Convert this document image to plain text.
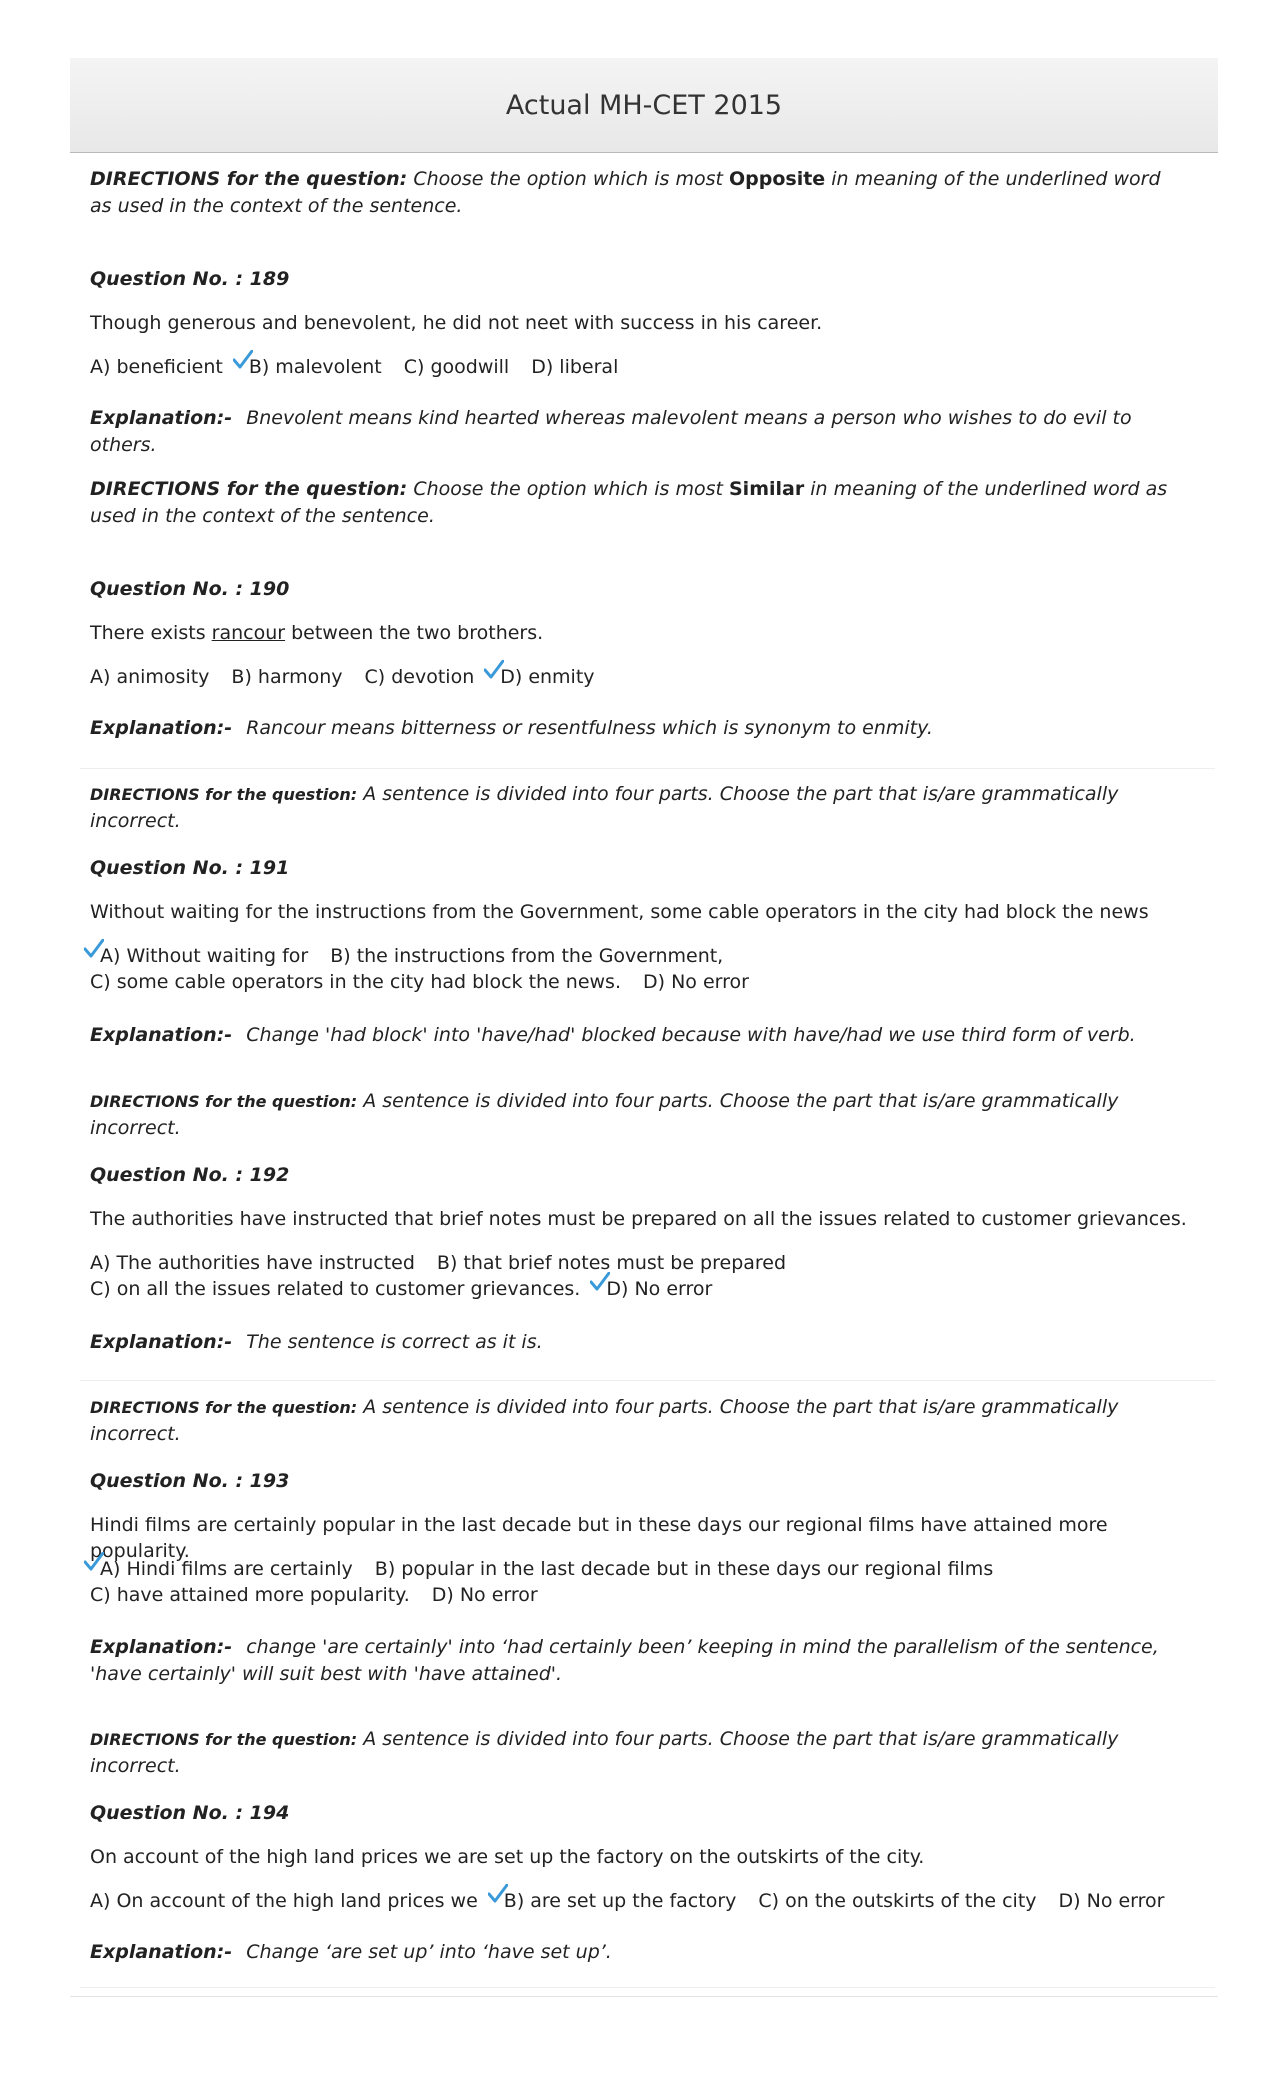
Actual MH-CET 2015
DIRECTIONS for the question: Choose the option which is most Opposite in meaning of the underlined word as used in the context of the sentence.
Question No. : 189
Though generous and benevolent, he did not neet with success in his career.
A) beneficient B) malevolent C) goodwill D) liberal
Explanation:- Bnevolent means kind hearted whereas malevolent means a person who wishes to do evil to others.
DIRECTIONS for the question: Choose the option which is most Similar in meaning of the underlined word as used in the context of the sentence.
Question No. : 190
There exists rancour between the two brothers.
A) animosity B) harmony C) devotion D) enmity
Explanation:- Rancour means bitterness or resentfulness which is synonym to enmity.
DIRECTIONS for the question: A sentence is divided into four parts. Choose the part that is/are grammatically incorrect.
Question No. : 191
Without waiting for the instructions from the Government, some cable operators in the city had block the news
A) Without waiting for B) the instructions from the Government,
C) some cable operators in the city had block the news. D) No error
Explanation:- Change 'had block' into 'have/had' blocked because with have/had we use third form of verb.
DIRECTIONS for the question: A sentence is divided into four parts. Choose the part that is/are grammatically incorrect.
Question No. : 192
The authorities have instructed that brief notes must be prepared on all the issues related to customer grievances.
A) The authorities have instructed B) that brief notes must be prepared
C) on all the issues related to customer grievances. D) No error
Explanation:- The sentence is correct as it is.
DIRECTIONS for the question: A sentence is divided into four parts. Choose the part that is/are grammatically incorrect.
Question No. : 193
Hindi films are certainly popular in the last decade but in these days our regional films have attained more popularity.
A) Hindi films are certainly B) popular in the last decade but in these days our regional films
C) have attained more popularity. D) No error
Explanation:- change 'are certainly' into ‘had certainly been’ keeping in mind the parallelism of the sentence, 'have certainly' will suit best with 'have attained'.
DIRECTIONS for the question: A sentence is divided into four parts. Choose the part that is/are grammatically incorrect.
Question No. : 194
On account of the high land prices we are set up the factory on the outskirts of the city.
A) On account of the high land prices we B) are set up the factory C) on the outskirts of the city D) No error
Explanation:- Change ‘are set up’ into ‘have set up’.
